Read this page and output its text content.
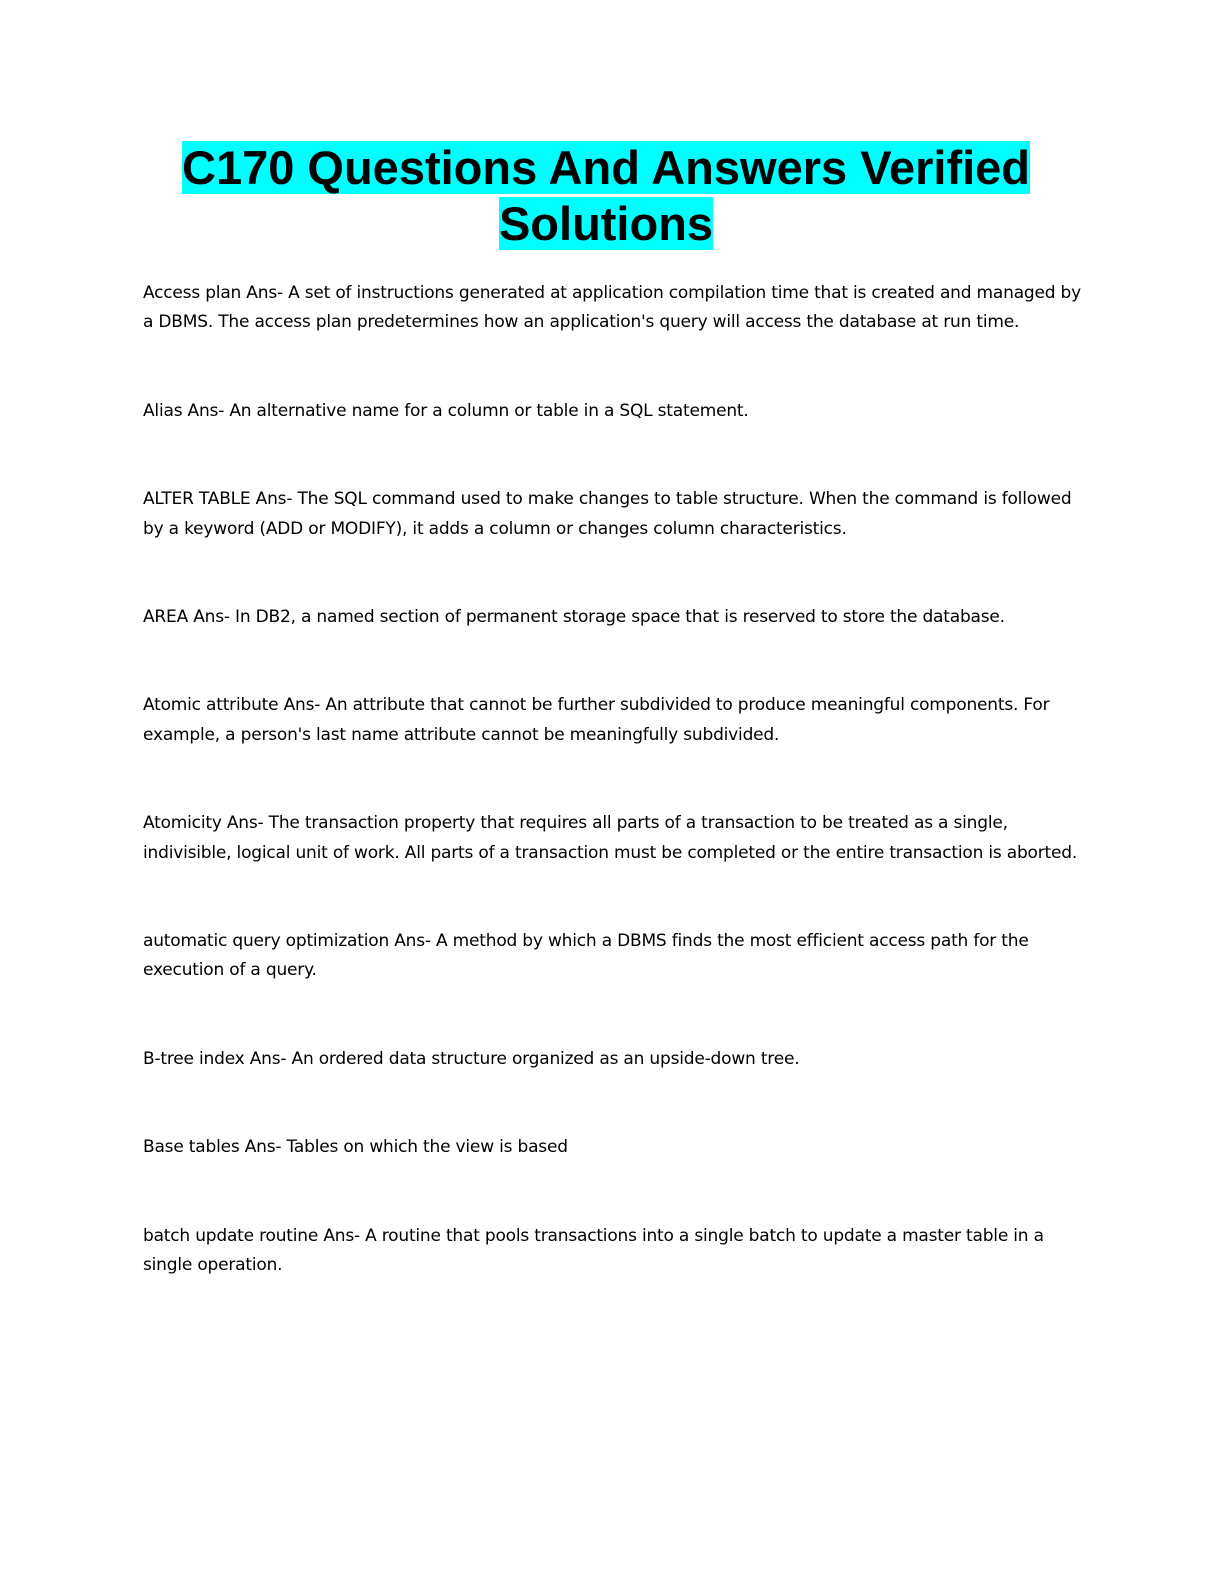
C170 Questions And Answers Verified
Solutions

Access plan Ans- A set of instructions generated at application compilation time that is created and managed by a DBMS. The access plan predetermines how an application's query will access the database at run time.

Alias Ans- An alternative name for a column or table in a SQL statement.

ALTER TABLE Ans- The SQL command used to make changes to table structure. When the command is followed by a keyword (ADD or MODIFY), it adds a column or changes column characteristics.

AREA Ans- In DB2, a named section of permanent storage space that is reserved to store the database.

Atomic attribute Ans- An attribute that cannot be further subdivided to produce meaningful components. For example, a person's last name attribute cannot be meaningfully subdivided.

Atomicity Ans- The transaction property that requires all parts of a transaction to be treated as a single, indivisible, logical unit of work. All parts of a transaction must be completed or the entire transaction is aborted.

automatic query optimization Ans- A method by which a DBMS finds the most efficient access path for the execution of a query.

B-tree index Ans- An ordered data structure organized as an upside-down tree.

Base tables Ans- Tables on which the view is based

batch update routine Ans- A routine that pools transactions into a single batch to update a master table in a single operation.
